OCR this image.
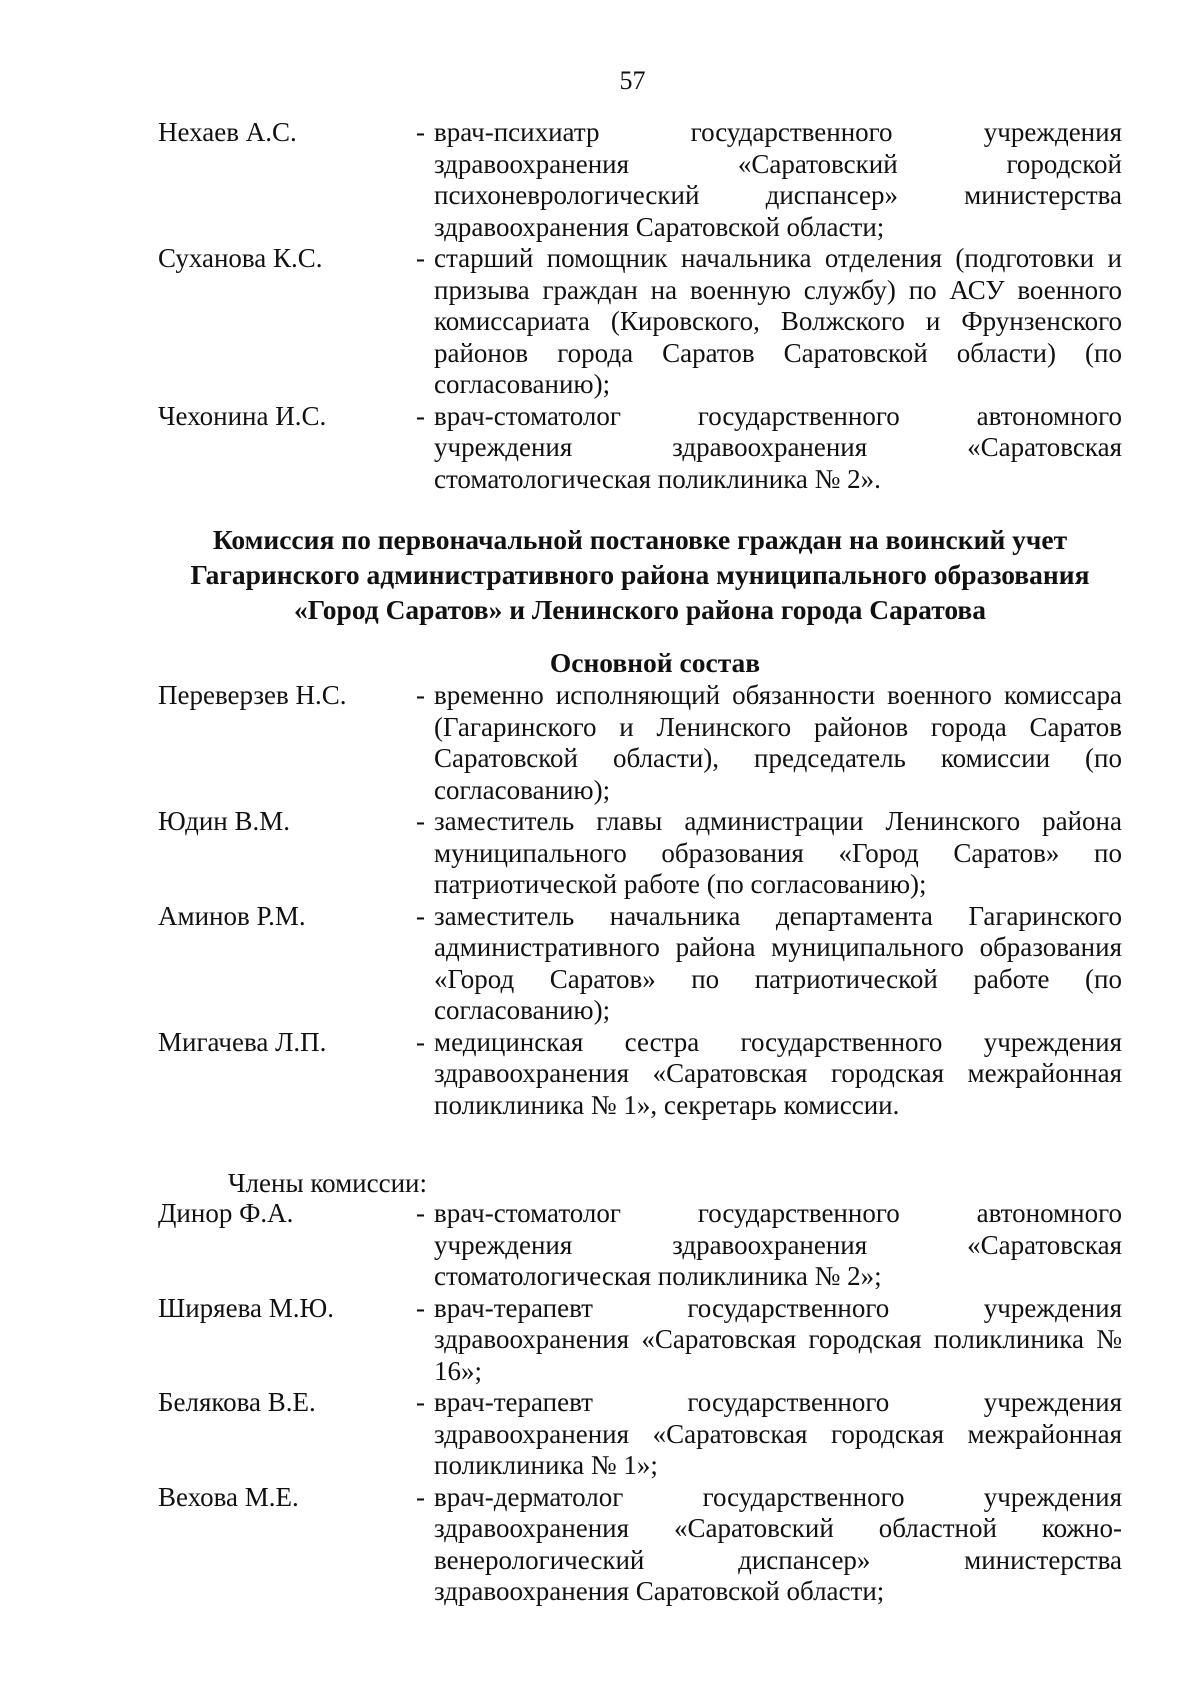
57
Нехаев А.С.	- врач-психиатр государственного учреждения здравоохранения «Саратовский городской психоневрологический диспансер» министерства здравоохранения Саратовской области;
Суханова К.С.	- старший помощник начальника отделения (подготовки и призыва граждан на военную службу) по АСУ военного комиссариата (Кировского, Волжского и Фрунзенского районов города Саратов Саратовской области) (по согласованию);
Чехонина И.С.	- врач-стоматолог государственного автономного учреждения здравоохранения «Саратовская стоматологическая поликлиника № 2».
Комиссия по первоначальной постановке граждан на воинский учет
Гагаринского административного района муниципального образования
«Город Саратов» и Ленинского района города Саратова
Основной состав
Переверзев Н.С.	- временно исполняющий обязанности военного комиссара (Гагаринского и Ленинского районов города Саратов Саратовской области), председатель комиссии (по согласованию);
Юдин В.М.	- заместитель главы администрации Ленинского района муниципального образования «Город Саратов» по патриотической работе (по согласованию);
Аминов Р.М.	- заместитель начальника департамента Гагаринского административного района муниципального образования «Город Саратов» по патриотической работе (по согласованию);
Мигачева Л.П.	- медицинская сестра государственного учреждения здравоохранения «Саратовская городская межрайонная поликлиника № 1», секретарь комиссии.
Члены комиссии:
Динор Ф.А.	- врач-стоматолог государственного автономного учреждения здравоохранения «Саратовская стоматологическая поликлиника № 2»;
Ширяева М.Ю.	- врач-терапевт государственного учреждения здравоохранения «Саратовская городская поликлиника № 16»;
Белякова В.Е.	- врач-терапевт государственного учреждения здравоохранения «Саратовская городская межрайонная поликлиника № 1»;
Вехова М.Е.	- врач-дерматолог государственного учреждения здравоохранения «Саратовский областной кожно-венерологический диспансер» министерства здравоохранения Саратовской области;
